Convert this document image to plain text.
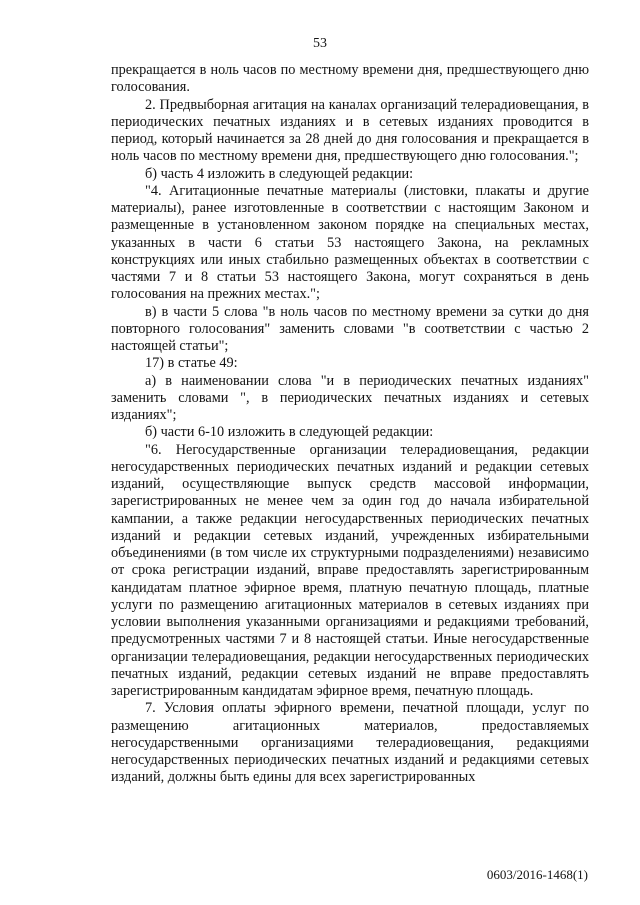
53

прекращается в ноль часов по местному времени дня, предшествующего дню голосования.

2. Предвыборная агитация на каналах организаций телерадиовещания, в периодических печатных изданиях и в сетевых изданиях проводится в период, который начинается за 28 дней до дня голосования и прекращается в ноль часов по местному времени дня, предшествующего дню голосования.";

б) часть 4 изложить в следующей редакции:

"4. Агитационные печатные материалы (листовки, плакаты и другие материалы), ранее изготовленные в соответствии с настоящим Законом и размещенные в установленном законом порядке на специальных местах, указанных в части 6 статьи 53 настоящего Закона, на рекламных конструкциях или иных стабильно размещенных объектах в соответствии с частями 7 и 8 статьи 53 настоящего Закона, могут сохраняться в день голосования на прежних местах.";

в) в части 5 слова "в ноль часов по местному времени за сутки до дня повторного голосования" заменить словами "в соответствии с частью 2 настоящей статьи";

17) в статье 49:

а) в наименовании слова "и в периодических печатных изданиях" заменить словами ", в периодических печатных изданиях и сетевых изданиях";

б) части 6-10 изложить в следующей редакции:

"6. Негосударственные организации телерадиовещания, редакции негосударственных периодических печатных изданий и редакции сетевых изданий, осуществляющие выпуск средств массовой информации, зарегистрированных не менее чем за один год до начала избирательной кампании, а также редакции негосударственных периодических печатных изданий и редакции сетевых изданий, учрежденных избирательными объединениями (в том числе их структурными подразделениями) независимо от срока регистрации изданий, вправе предоставлять зарегистрированным кандидатам платное эфирное время, платную печатную площадь, платные услуги по размещению агитационных материалов в сетевых изданиях при условии выполнения указанными организациями и редакциями требований, предусмотренных частями 7 и 8 настоящей статьи. Иные негосударственные организации телерадиовещания, редакции негосударственных периодических печатных изданий, редакции сетевых изданий не вправе предоставлять зарегистрированным кандидатам эфирное время, печатную площадь.

7. Условия оплаты эфирного времени, печатной площади, услуг по размещению агитационных материалов, предоставляемых негосударственными организациями телерадиовещания, редакциями негосударственных периодических печатных изданий и редакциями сетевых изданий, должны быть едины для всех зарегистрированных

0603/2016-1468(1)
